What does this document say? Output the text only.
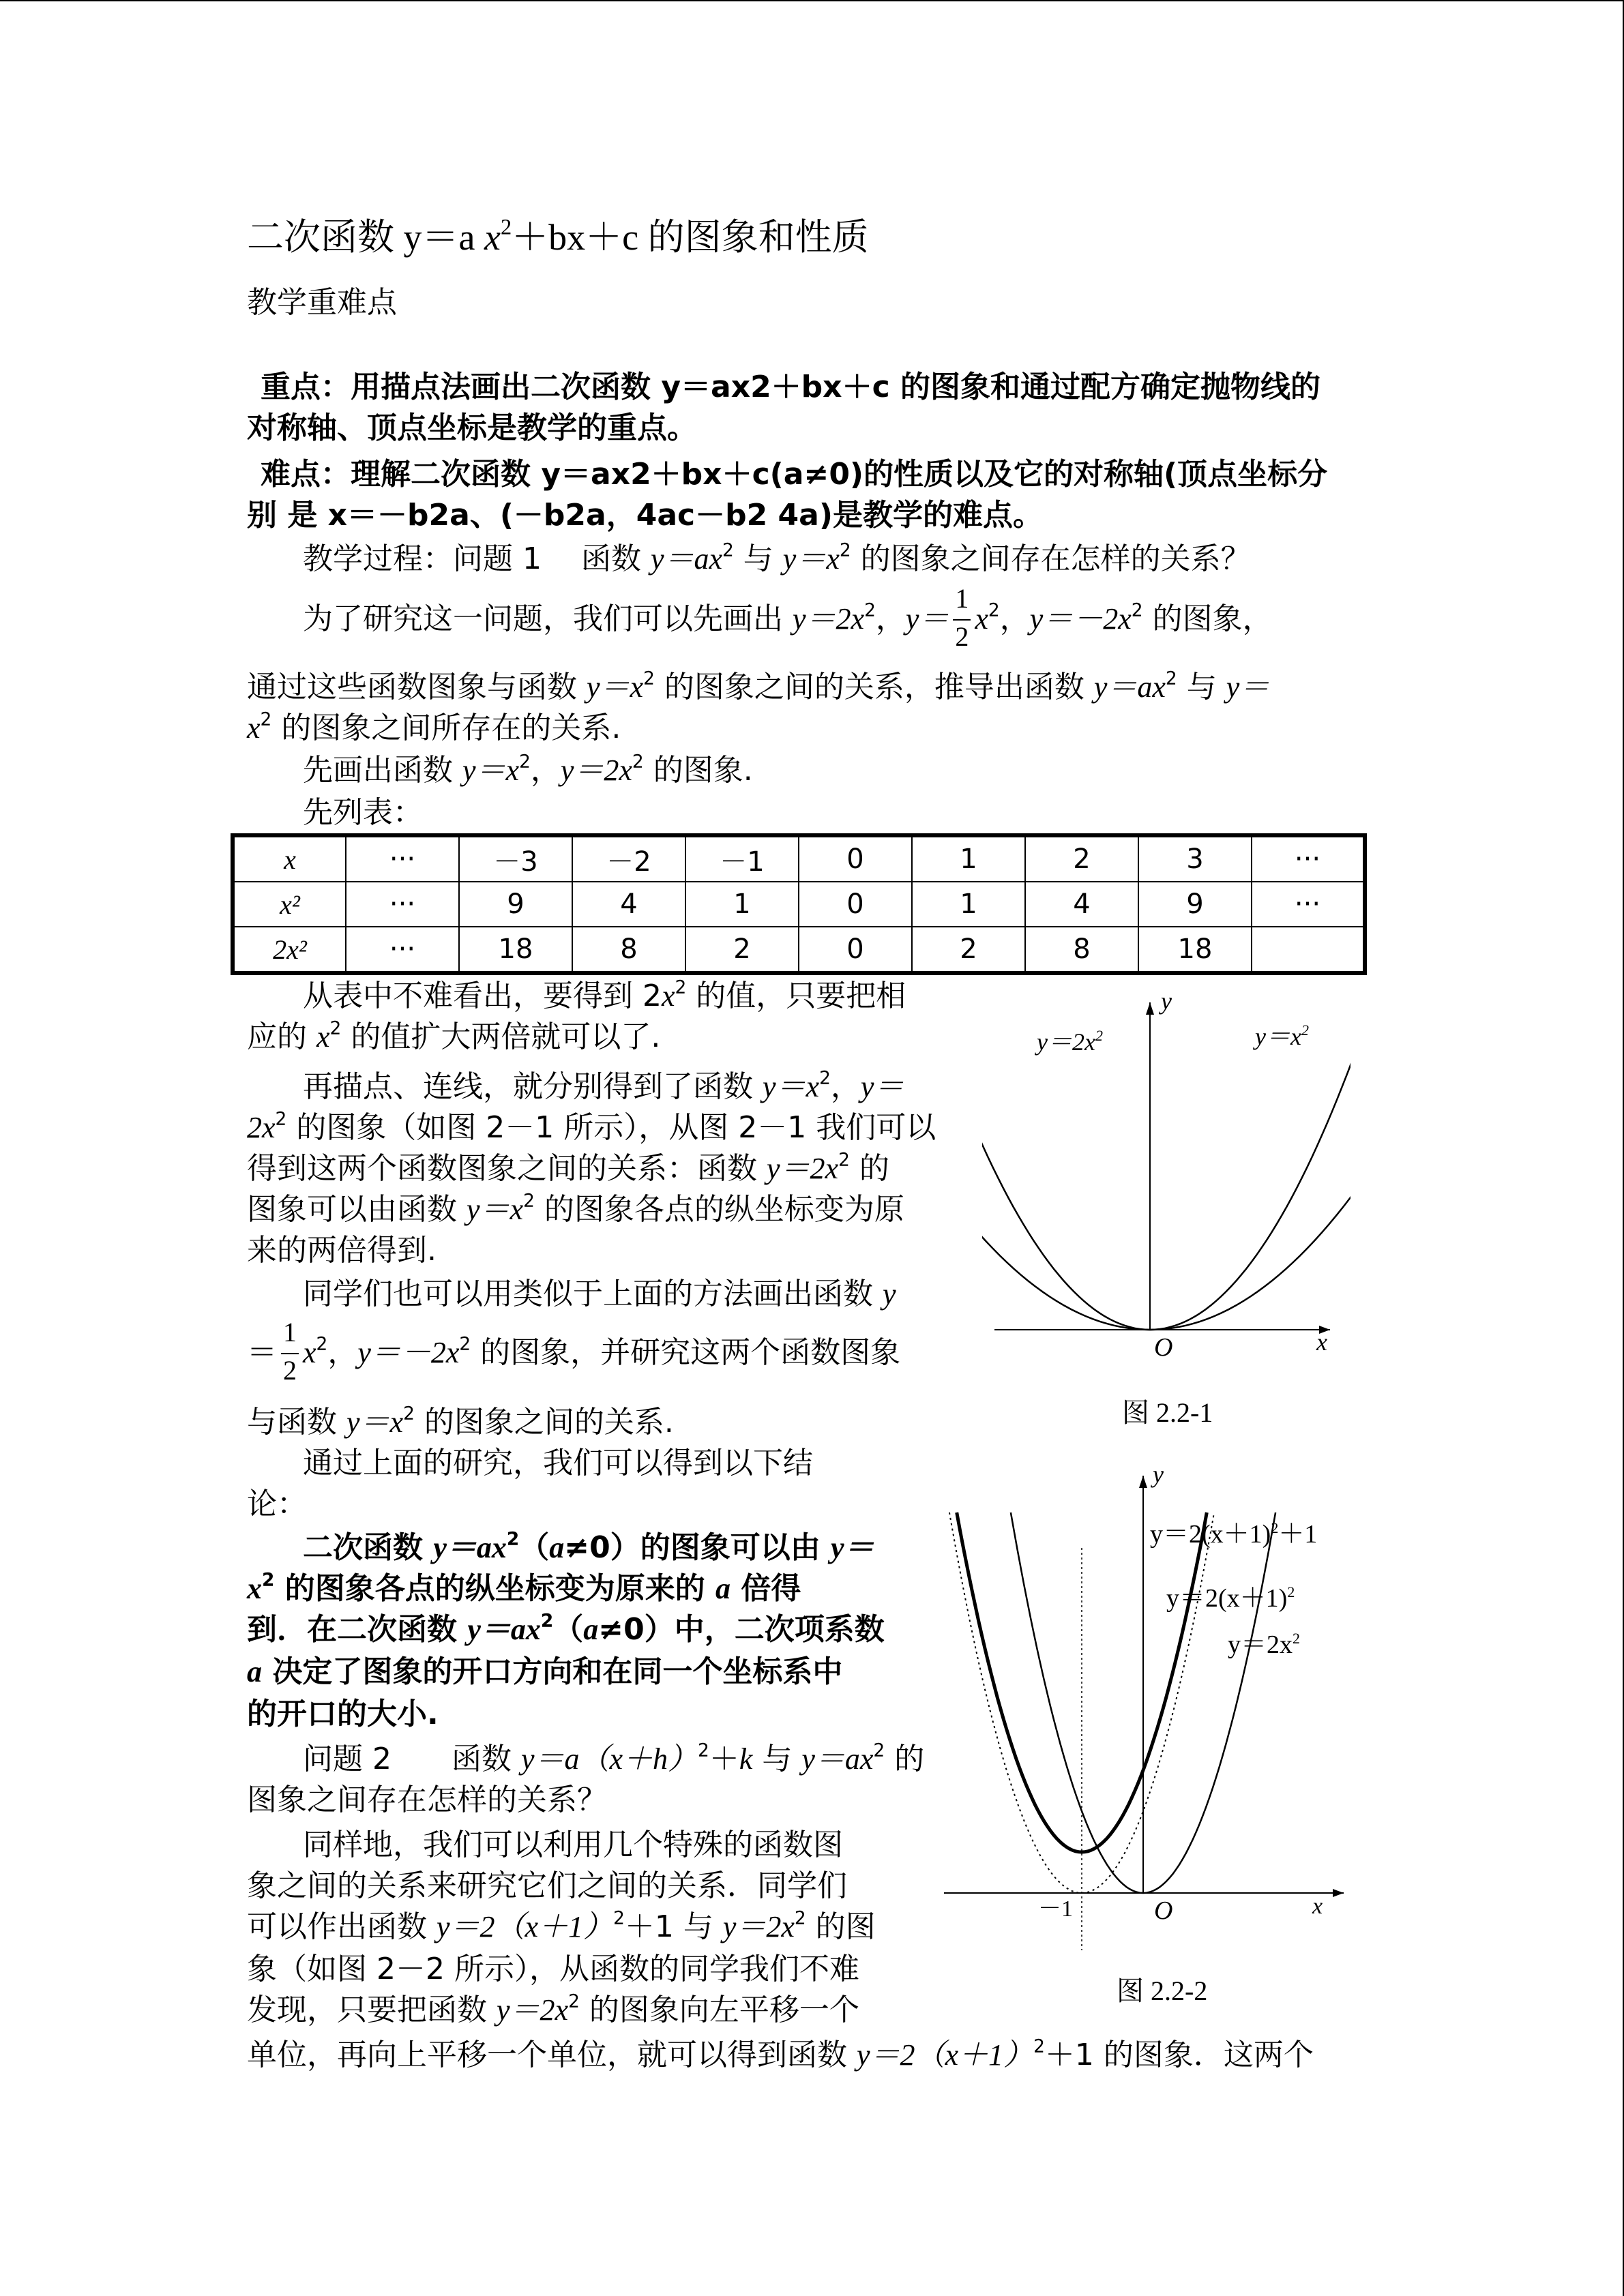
二次函数 y＝a $x^2+bx+c$ 的图象和性质
教学重难点
重点：用描点法画出二次函数 y＝ax2＋bx＋c 的图象和通过配方确定抛物线的
对称轴、顶点坐标是教学的重点。
难点：理解二次函数 y＝ax2＋bx＋c(a≠0)的性质以及它的对称轴(顶点坐标分
别 是 x＝－b2a、(－b2a，4ac－b2 4a)是教学的难点。
教学过程：问题 1　 函数 $y=ax^2$ 与 $y=x^2$ 的图象之间存在怎样的关系？
为了研究这一问题，我们可以先画出 $y=2x^2$，$y= \frac{1}{2} x^2$，$y=-2x^2$ 的图象，
通过这些函数图象与函数 $y=x^2$ 的图象之间的关系，推导出函数 $y=ax^2$ 与 y＝
$x^2$ 的图象之间所存在的关系.
先画出函数 $y=x^2$，$y=2x^2$ 的图象.
先列表：
x	···	－3	－2	－1	0	1	2	3	···
x²	···	9	4	1	0	1	4	9	···
2x²	···	18	8	2	0	2	8	18	
从表中不难看出，要得到 $2x^2$ 的值，只要把相
应的 $x^2$ 的值扩大两倍就可以了.
再描点、连线，就分别得到了函数 $y=x^2$，y＝
$2x^2$ 的图象（如图 2－1 所示），从图 2－1 我们可以
得到这两个函数图象之间的关系：函数 $y=2x^2$ 的
图象可以由函数 $y=x^2$ 的图象各点的纵坐标变为原
来的两倍得到.
同学们也可以用类似于上面的方法画出函数 y
＝ $\frac{1}{2} x^2$，$y=-2x^2$ 的图象，并研究这两个函数图象
与函数 $y=x^2$ 的图象之间的关系.
通过上面的研究，我们可以得到以下结
论：
二次函数 $y=ax^2(a\ne 0)$的图象可以由 y＝
$x^2$ 的图象各点的纵坐标变为原来的 a 倍得
到．在二次函数 $y=ax^2(a\ne 0)$中，二次项系数
a 决定了图象的开口方向和在同一个坐标系中
的开口的大小.
问题 2　　函数 $y=a(x+h)^2+k$ 与 $y=ax^2$ 的
图象之间存在怎样的关系？
同样地，我们可以利用几个特殊的函数图
象之间的关系来研究它们之间的关系．同学们
可以作出函数 $y=2(x+1)^2+1$ 与 $y=2x^2$ 的图
象（如图 2－2 所示），从函数的同学我们不难
发现，只要把函数 $y=2x^2$ 的图象向左平移一个
单位，再向上平移一个单位，就可以得到函数 $y=2(x+1)^2+1$ 的图象．这两个
y
x
O
$y=2x^2$	$y=x^2$
图 2.2-1
y
x
O
－1
$y=2(x+1)^2+1$
$y=2(x+1)^2$
$y=2x^2$
图 2.2-2
